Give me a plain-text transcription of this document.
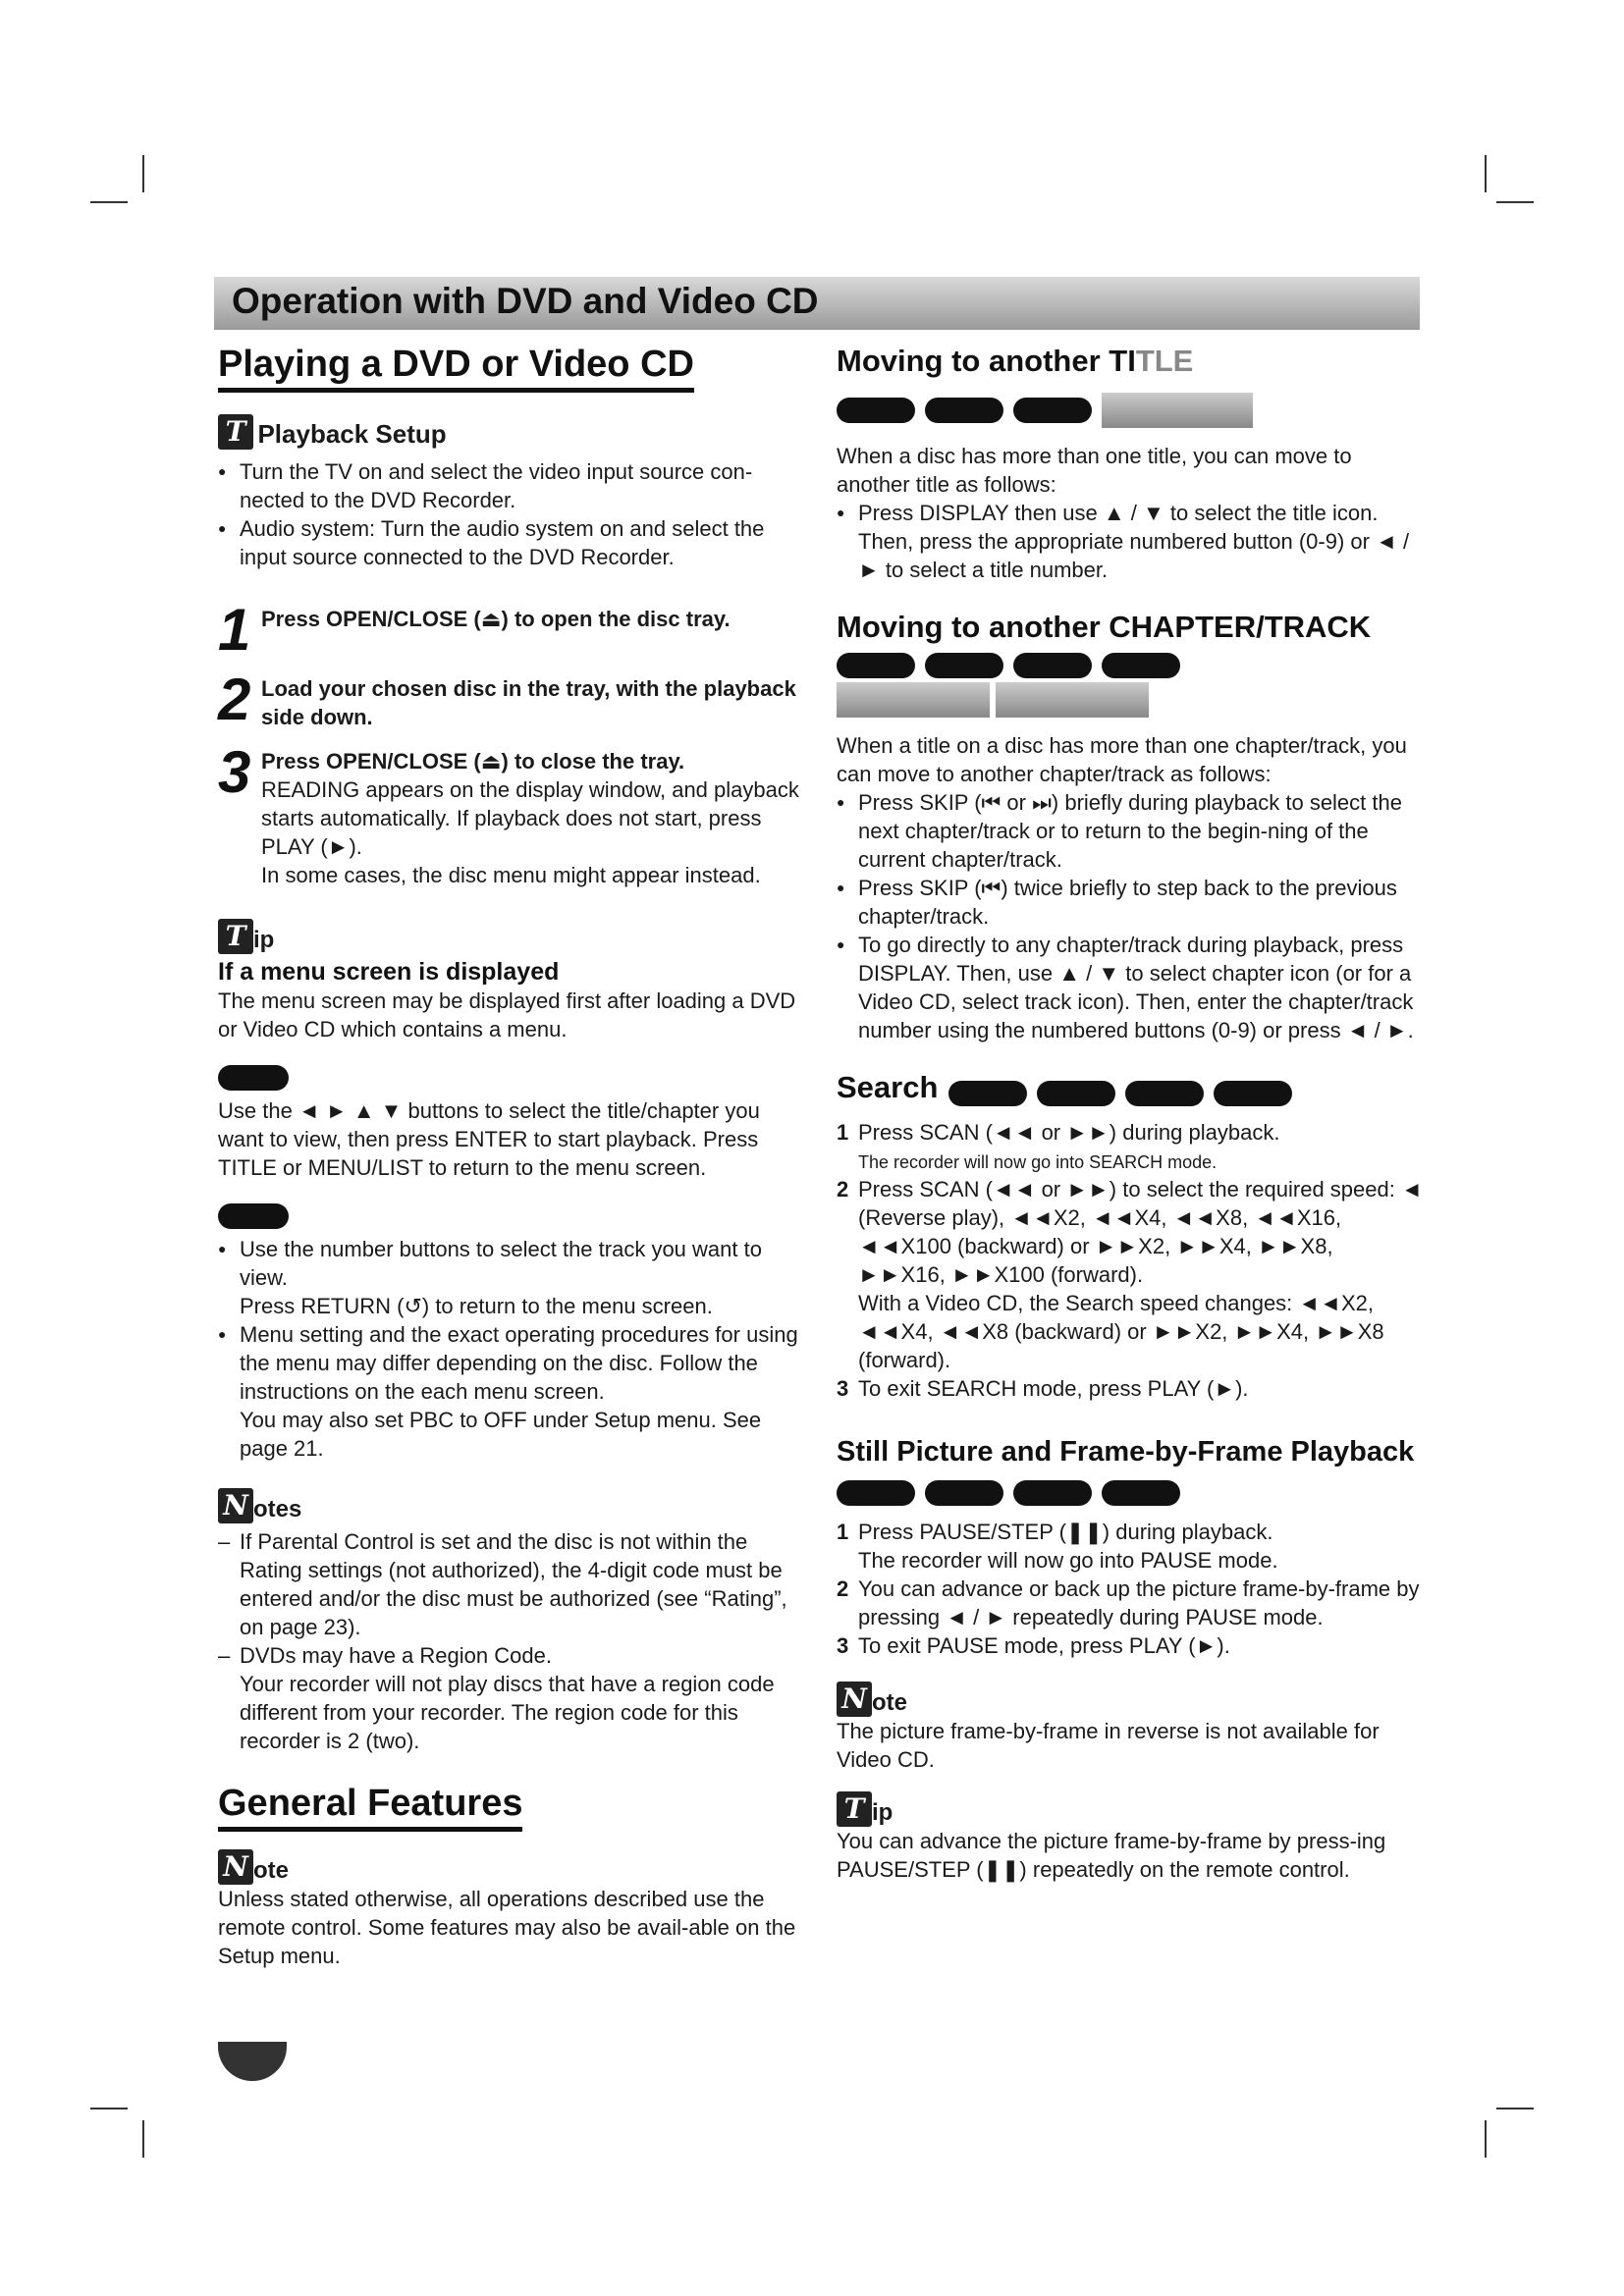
Operation with DVD and Video CD
Playing a DVD or Video CD
T Playback Setup
● Turn the TV on and select the video input source con-nected to the DVD Recorder.
● Audio system: Turn the audio system on and select the input source connected to the DVD Recorder.
1 Press OPEN/CLOSE (⏏) to open the disc tray.
2 Load your chosen disc in the tray, with the playback side down.
3 Press OPEN/CLOSE (⏏) to close the tray.

READING appears on the display window, and playback starts automatically. If playback does not start, press PLAY (►).

In some cases, the disc menu might appear instead.

T ip
If a menu screen is displayed

The menu screen may be displayed first after loading a DVD or Video CD which contains a menu.

Use the ◄ ► ▲ ▼ buttons to select the title/chapter you want to view, then press ENTER to start playback. Press TITLE or MENU/LIST to return to the menu screen.

● Use the number buttons to select the track you want to view.
Press RETURN (↺) to return to the menu screen.
● Menu setting and the exact operating procedures for using the menu may differ depending on the disc. Follow the instructions on the each menu screen.
You may also set PBC to OFF under Setup menu. See page 21.
N otes
– If Parental Control is set and the disc is not within the Rating settings (not authorized), the 4-digit code must be entered and/or the disc must be authorized (see “Rating”, on page 23).
– DVDs may have a Region Code.
Your recorder will not play discs that have a region code different from your recorder. The region code for this recorder is 2 (two).
General Features
N ote

Unless stated otherwise, all operations described use the remote control. Some features may also be avail-able on the Setup menu.

Moving to another TITLE

When a disc has more than one title, you can move to another title as follows:

● Press DISPLAY then use ▲ / ▼ to select the title icon. Then, press the appropriate numbered button (0-9) or ◄ / ► to select a title number.
Moving to another CHAPTER/TRACK

When a title on a disc has more than one chapter/track, you can move to another chapter/track as follows:

● Press SKIP (⏮ or ⏭) briefly during playback to select the next chapter/track or to return to the begin-ning of the current chapter/track.
● Press SKIP (⏮) twice briefly to step back to the previous chapter/track.
● To go directly to any chapter/track during playback, press DISPLAY. Then, use ▲ / ▼ to select chapter icon (or for a Video CD, select track icon). Then, enter the chapter/track number using the numbered buttons (0-9) or press ◄ / ►.
Search
1 Press SCAN (◄◄ or ►►) during playback.
The recorder will now go into SEARCH mode.
2 Press SCAN (◄◄ or ►►) to select the required speed: ◄ (Reverse play), ◄◄X2, ◄◄X4, ◄◄X8, ◄◄X16, ◄◄X100 (backward) or ►►X2, ►►X4, ►►X8, ►►X16, ►►X100 (forward).
With a Video CD, the Search speed changes: ◄◄X2, ◄◄X4, ◄◄X8 (backward) or ►►X2, ►►X4, ►►X8 (forward).
3 To exit SEARCH mode, press PLAY (►).
Still Picture and Frame-by-Frame Playback
1 Press PAUSE/STEP (❚❚) during playback.
The recorder will now go into PAUSE mode.
2 You can advance or back up the picture frame-by-frame by pressing ◄ / ► repeatedly during PAUSE mode.
3 To exit PAUSE mode, press PLAY (►).
N ote

The picture frame-by-frame in reverse is not available for Video CD.

T ip

You can advance the picture frame-by-frame by press-ing PAUSE/STEP (❚❚) repeatedly on the remote control.
